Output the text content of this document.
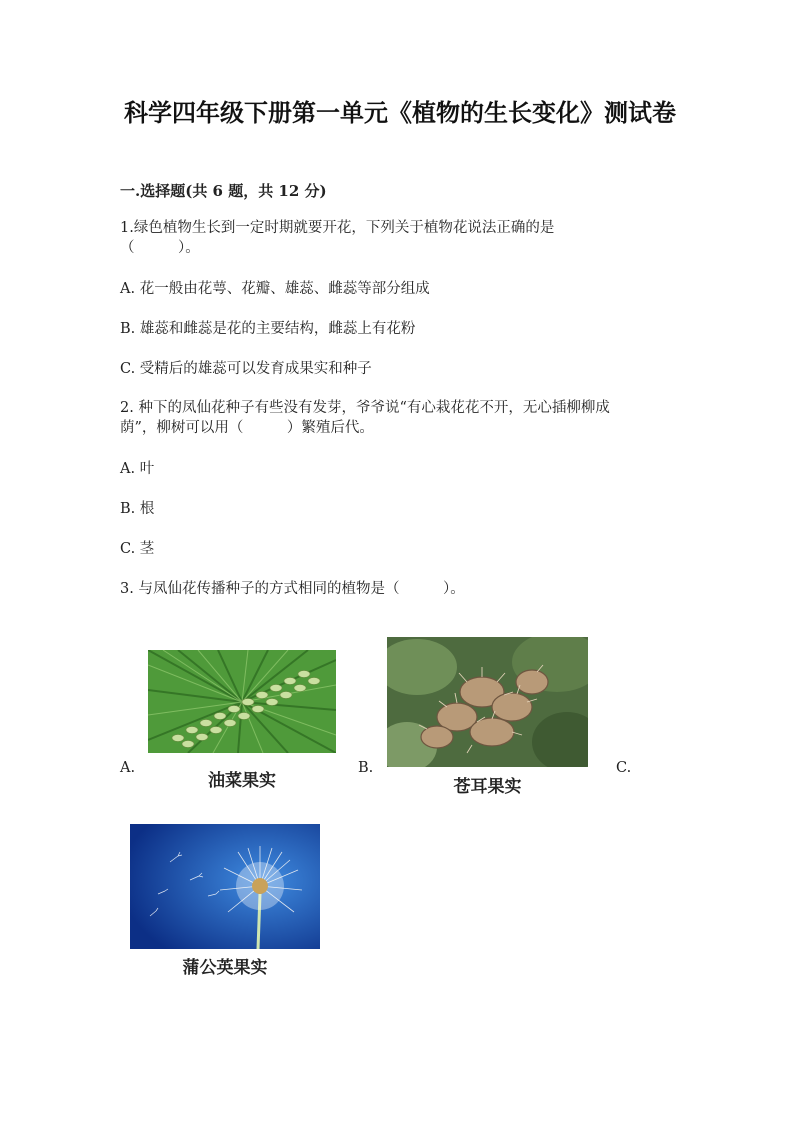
科学四年级下册第一单元《植物的生长变化》测试卷
一.选择题(共 6 题，共 12 分)
1.绿色植物生长到一定时期就要开花，下列关于植物花说法正确的是
（　　　）。
A. 花一般由花萼、花瓣、雄蕊、雌蕊等部分组成
B. 雄蕊和雌蕊是花的主要结构，雌蕊上有花粉
C. 受精后的雄蕊可以发育成果实和种子
2. 种下的凤仙花种子有些没有发芽，爷爷说“有心栽花花不开，无心插柳柳成
荫”，柳树可以用（　　　）繁殖后代。
A. 叶
B. 根
C. 茎
3. 与凤仙花传播种子的方式相同的植物是（　　　）。
A.
油菜果实
B.
苍耳果实
C.
蒲公英果实
